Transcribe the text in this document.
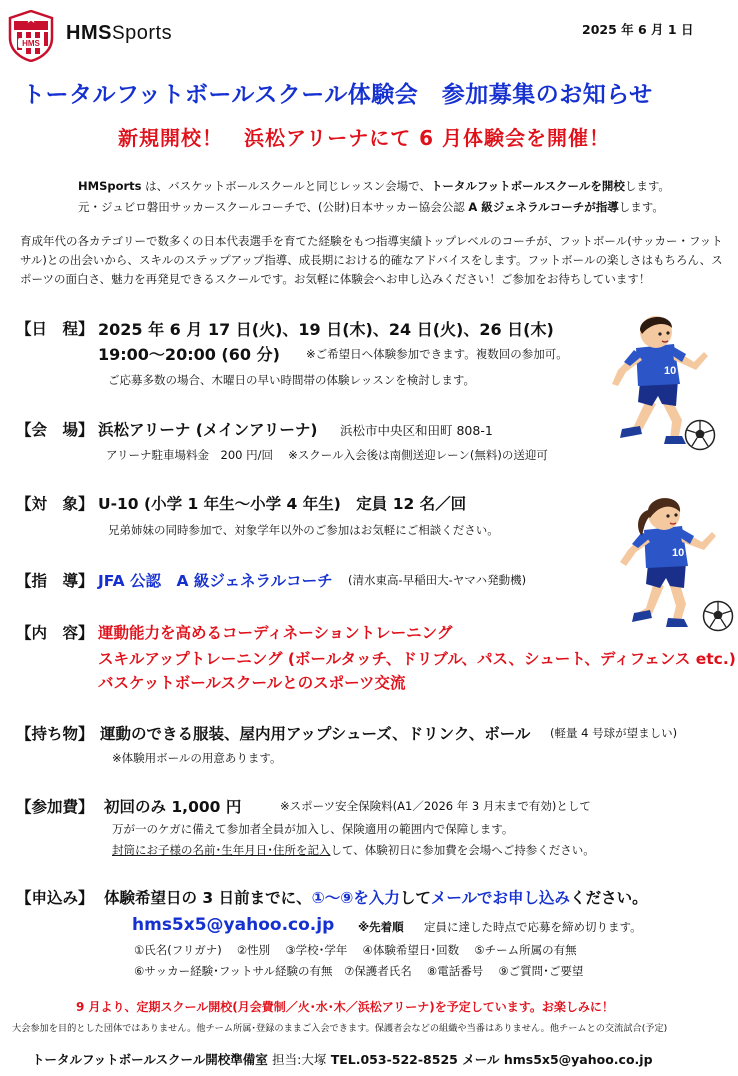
HMS HMSSports	2025 年 6 月 1 日
トータルフットボールスクール体験会　参加募集のお知らせ
新規開校！　浜松アリーナにて 6 月体験会を開催！
HMSports は、バスケットボールスクールと同じレッスン会場で、トータルフットボールスクールを開校します。
元・ジュビロ磐田サッカースクールコーチで、(公財)日本サッカー協会公認 A 級ジェネラルコーチが指導します。
育成年代の各カテゴリーで数多くの日本代表選手を育てた経験をもつ指導実績トップレベルのコーチが、フットボール(サッカー・フットサル)との出会いから、スキルのステップアップ指導、成長期における的確なアドバイスをします。フットボールの楽しさはもちろん、スポーツの面白さ、魅力を再発見できるスクールです。お気軽に体験会へお申し込みください！ご参加をお待ちしています！
【日　程】 2025 年 6 月 17 日(火)、19 日(木)、24 日(火)、26 日(木)
19:00～20:00 (60 分) ※ご希望日へ体験参加できます。複数回の参加可。
ご応募多数の場合、木曜日の早い時間帯の体験レッスンを検討します。
【会　場】 浜松アリーナ (メインアリーナ) 浜松市中央区和田町 808-1
アリーナ駐車場料金　200 円/回　 ※スクール入会後は南側送迎レーン(無料)の送迎可
【対　象】 U-10 (小学 1 年生～小学 4 年生)　定員 12 名／回
兄弟姉妹の同時参加で、対象学年以外のご参加はお気軽にご相談ください。
【指　導】 JFA 公認　A 級ジェネラルコーチ (清水東高-早稲田大-ヤマハ発動機)
【内　容】 運動能力を高めるコーディネーショントレーニング
スキルアップトレーニング (ボールタッチ、ドリブル、パス、シュート、ディフェンス etc.)
バスケットボールスクールとのスポーツ交流
【持ち物】 運動のできる服装、屋内用アップシューズ、ドリンク、ボール (軽量 4 号球が望ましい)
※体験用ボールの用意あります。
【参加費】 初回のみ 1,000 円	※スポーツ安全保険料(A1／2026 年 3 月末まで有効)として
万が一のケガに備えて参加者全員が加入し、保険適用の範囲内で保障します。
封筒にお子様の名前･生年月日･住所を記入して、体験初日に参加費を会場へご持参ください。
【申込み】 体験希望日の 3 日前までに、①～⑨を入力してメールでお申し込みください。
hms5x5@yahoo.co.jp ※先着順 定員に達した時点で応募を締め切ります。
①氏名(フリガナ)　 ②性別　 ③学校･学年　 ④体験希望日･回数　 ⑤チーム所属の有無
⑥サッカー経験･フットサル経験の有無　⑦保護者氏名　 ⑧電話番号　 ⑨ご質問･ご要望
9 月より、定期スクール開校(月会費制／火･水･木／浜松アリーナ)を予定しています。お楽しみに！
大会参加を目的とした団体ではありません。他チーム所属･登録のままご入会できます。保護者会などの組織や当番はありません。他チームとの交流試合(予定)
トータルフットボールスクール開校準備室 担当:大塚 TEL.053-522-8525 メール hms5x5@yahoo.co.jp
10
10
